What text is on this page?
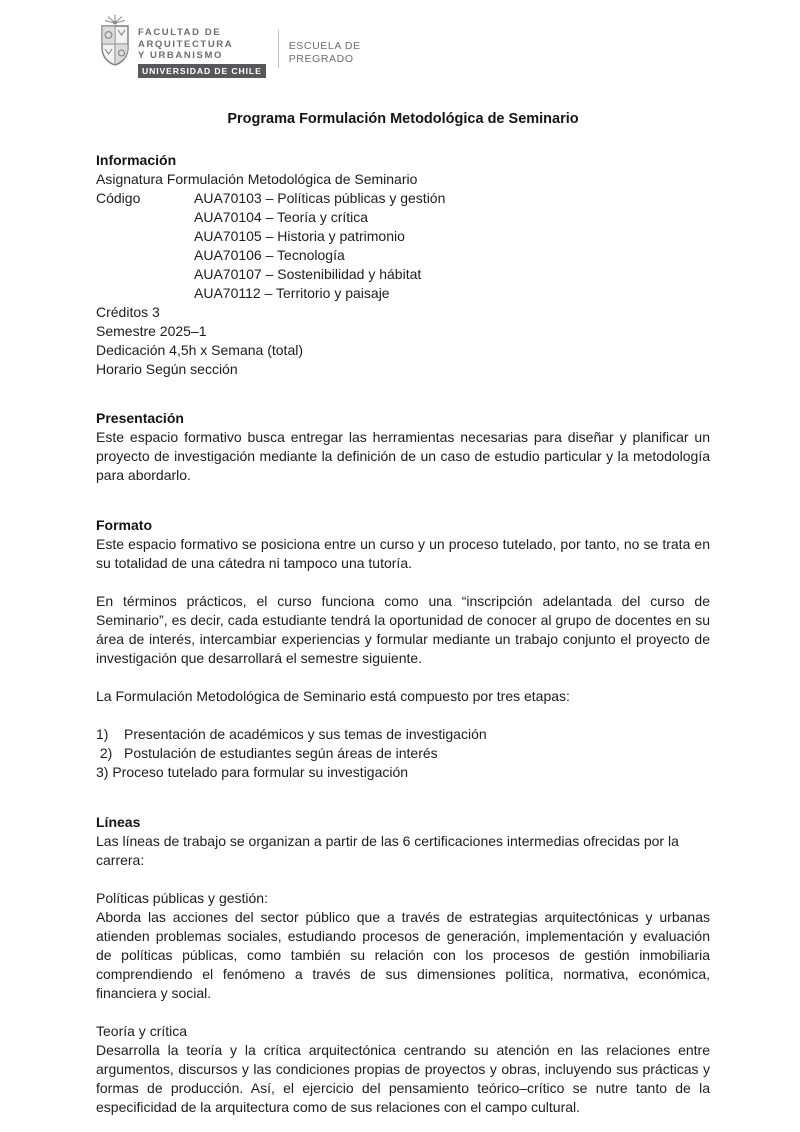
FACULTAD DE
ARQUITECTURA
Y URBANISMO
UNIVERSIDAD DE CHILE
ESCUELA DE
PREGRADO
Programa Formulación Metodológica de Seminario
Información
Asignatura Formulación Metodológica de Seminario
Código	AUA70103 – Políticas públicas y gestión
AUA70104 – Teoría y crítica
AUA70105 – Historia y patrimonio
AUA70106 – Tecnología
AUA70107 – Sostenibilidad y hábitat
AUA70112 – Territorio y paisaje
Créditos 3
Semestre 2025–1
Dedicación 4,5h x Semana (total)
Horario Según sección
Presentación

Este espacio formativo busca entregar las herramientas necesarias para diseñar y planificar un proyecto de investigación mediante la definición de un caso de estudio particular y la metodología para abordarlo.

Formato

Este espacio formativo se posiciona entre un curso y un proceso tutelado, por tanto, no se trata en su totalidad de una cátedra ni tampoco una tutoría.

En términos prácticos, el curso funciona como una “inscripción adelantada del curso de Seminario”, es decir, cada estudiante tendrá la oportunidad de conocer al grupo de docentes en su área de interés, intercambiar experiencias y formular mediante un trabajo conjunto el proyecto de investigación que desarrollará el semestre siguiente.

La Formulación Metodológica de Seminario está compuesto por tres etapas:

1)    Presentación de académicos y sus temas de investigación
2)   Postulación de estudiantes según áreas de interés
3) Proceso tutelado para formular su investigación
Líneas

Las líneas de trabajo se organizan a partir de las 6 certificaciones intermedias ofrecidas por la carrera:

Políticas públicas y gestión:

Aborda las acciones del sector público que a través de estrategias arquitectónicas y urbanas atienden problemas sociales, estudiando procesos de generación, implementación y evaluación de políticas públicas, como también su relación con los procesos de gestión inmobiliaria comprendiendo el fenómeno a través de sus dimensiones política, normativa, económica, financiera y social.

Teoría y crítica

Desarrolla la teoría y la crítica arquitectónica centrando su atención en las relaciones entre argumentos, discursos y las condiciones propias de proyectos y obras, incluyendo sus prácticas y formas de producción. Así, el ejercicio del pensamiento teórico–crítico se nutre tanto de la especificidad de la arquitectura como de sus relaciones con el campo cultural.
